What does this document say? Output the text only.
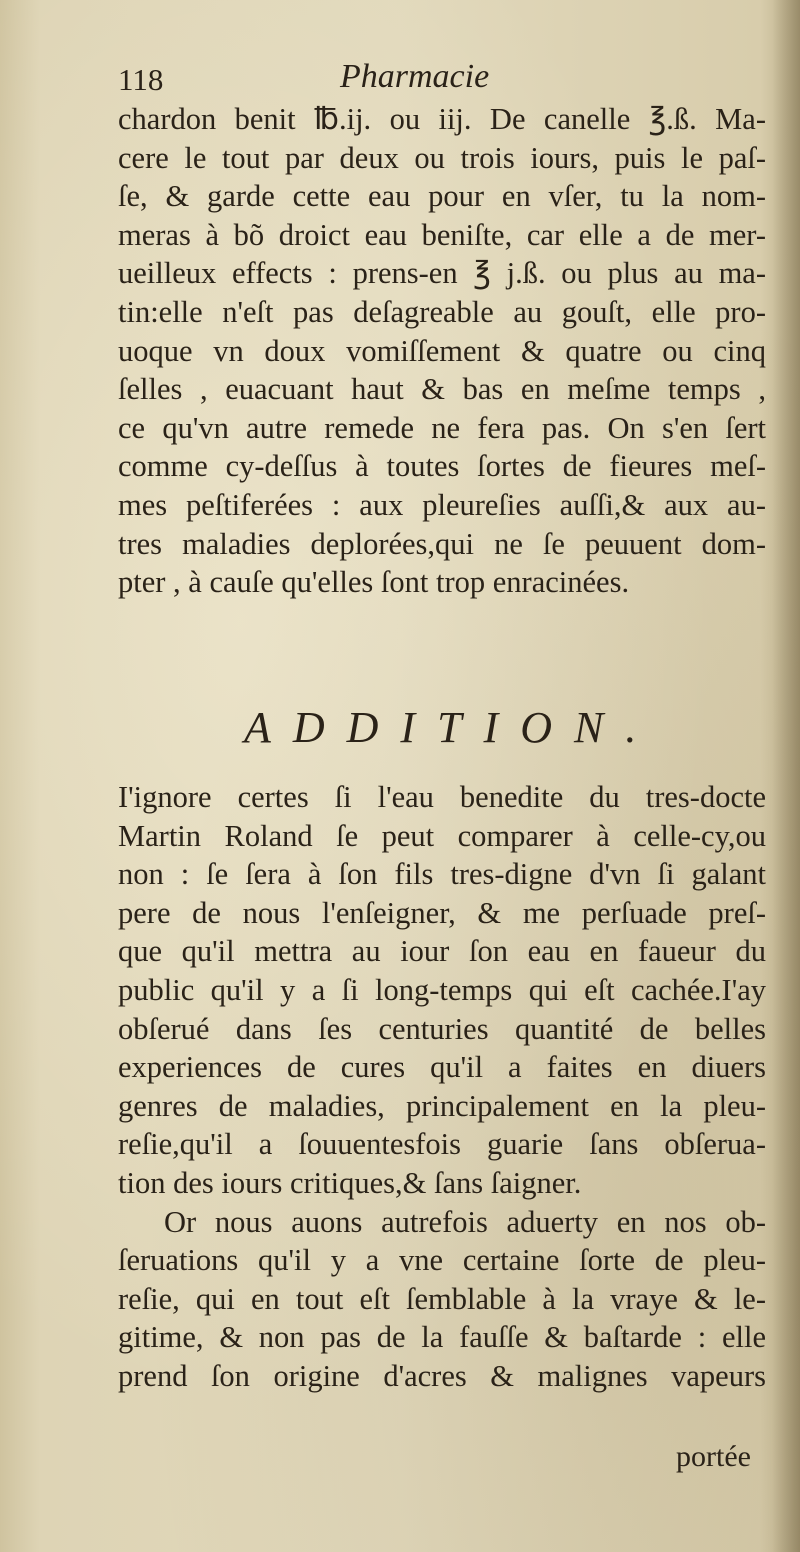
118	Pharmacie
chardon benit ℔.ij. ou iij. De canelle ℥.ß. Ma-
cere le tout par deux ou trois iours, puis le paſ-
ſe, & garde cette eau pour en vſer, tu la nom-
meras à bõ droict eau beniſte, car elle a de mer-
ueilleux effects : prens-en ℥ j.ß. ou plus au ma-
tin:elle n'eſt pas deſagreable au gouſt, elle pro-
uoque vn doux vomiſſement & quatre ou cinq
ſelles , euacuant haut & bas en meſme temps ,
ce qu'vn autre remede ne fera pas. On s'en ſert
comme cy-deſſus à toutes ſortes de fieures meſ-
mes peſtiferées : aux pleureſies auſſi,& aux au-
tres maladies deplorées,qui ne ſe peuuent dom-
pter , à cauſe qu'elles ſont trop enracinées.
ADDITION.
I'ignore certes ſi l'eau benedite du tres-docte
Martin Roland ſe peut comparer à celle-cy,ou
non : ſe ſera à ſon fils tres-digne d'vn ſi galant
pere de nous l'enſeigner, & me perſuade preſ-
que qu'il mettra au iour ſon eau en faueur du
public qu'il y a ſi long-temps qui eſt cachée.I'ay
obſerué dans ſes centuries quantité de belles
experiences de cures qu'il a faites en diuers
genres de maladies, principalement en la pleu-
reſie,qu'il a ſouuentesfois guarie ſans obſerua-
tion des iours critiques,& ſans ſaigner.
Or nous auons autrefois aduerty en nos ob-
ſeruations qu'il y a vne certaine ſorte de pleu-
reſie, qui en tout eſt ſemblable à la vraye & le-
gitime, & non pas de la fauſſe & baſtarde : elle
prend ſon origine d'acres & malignes vapeurs
portée
